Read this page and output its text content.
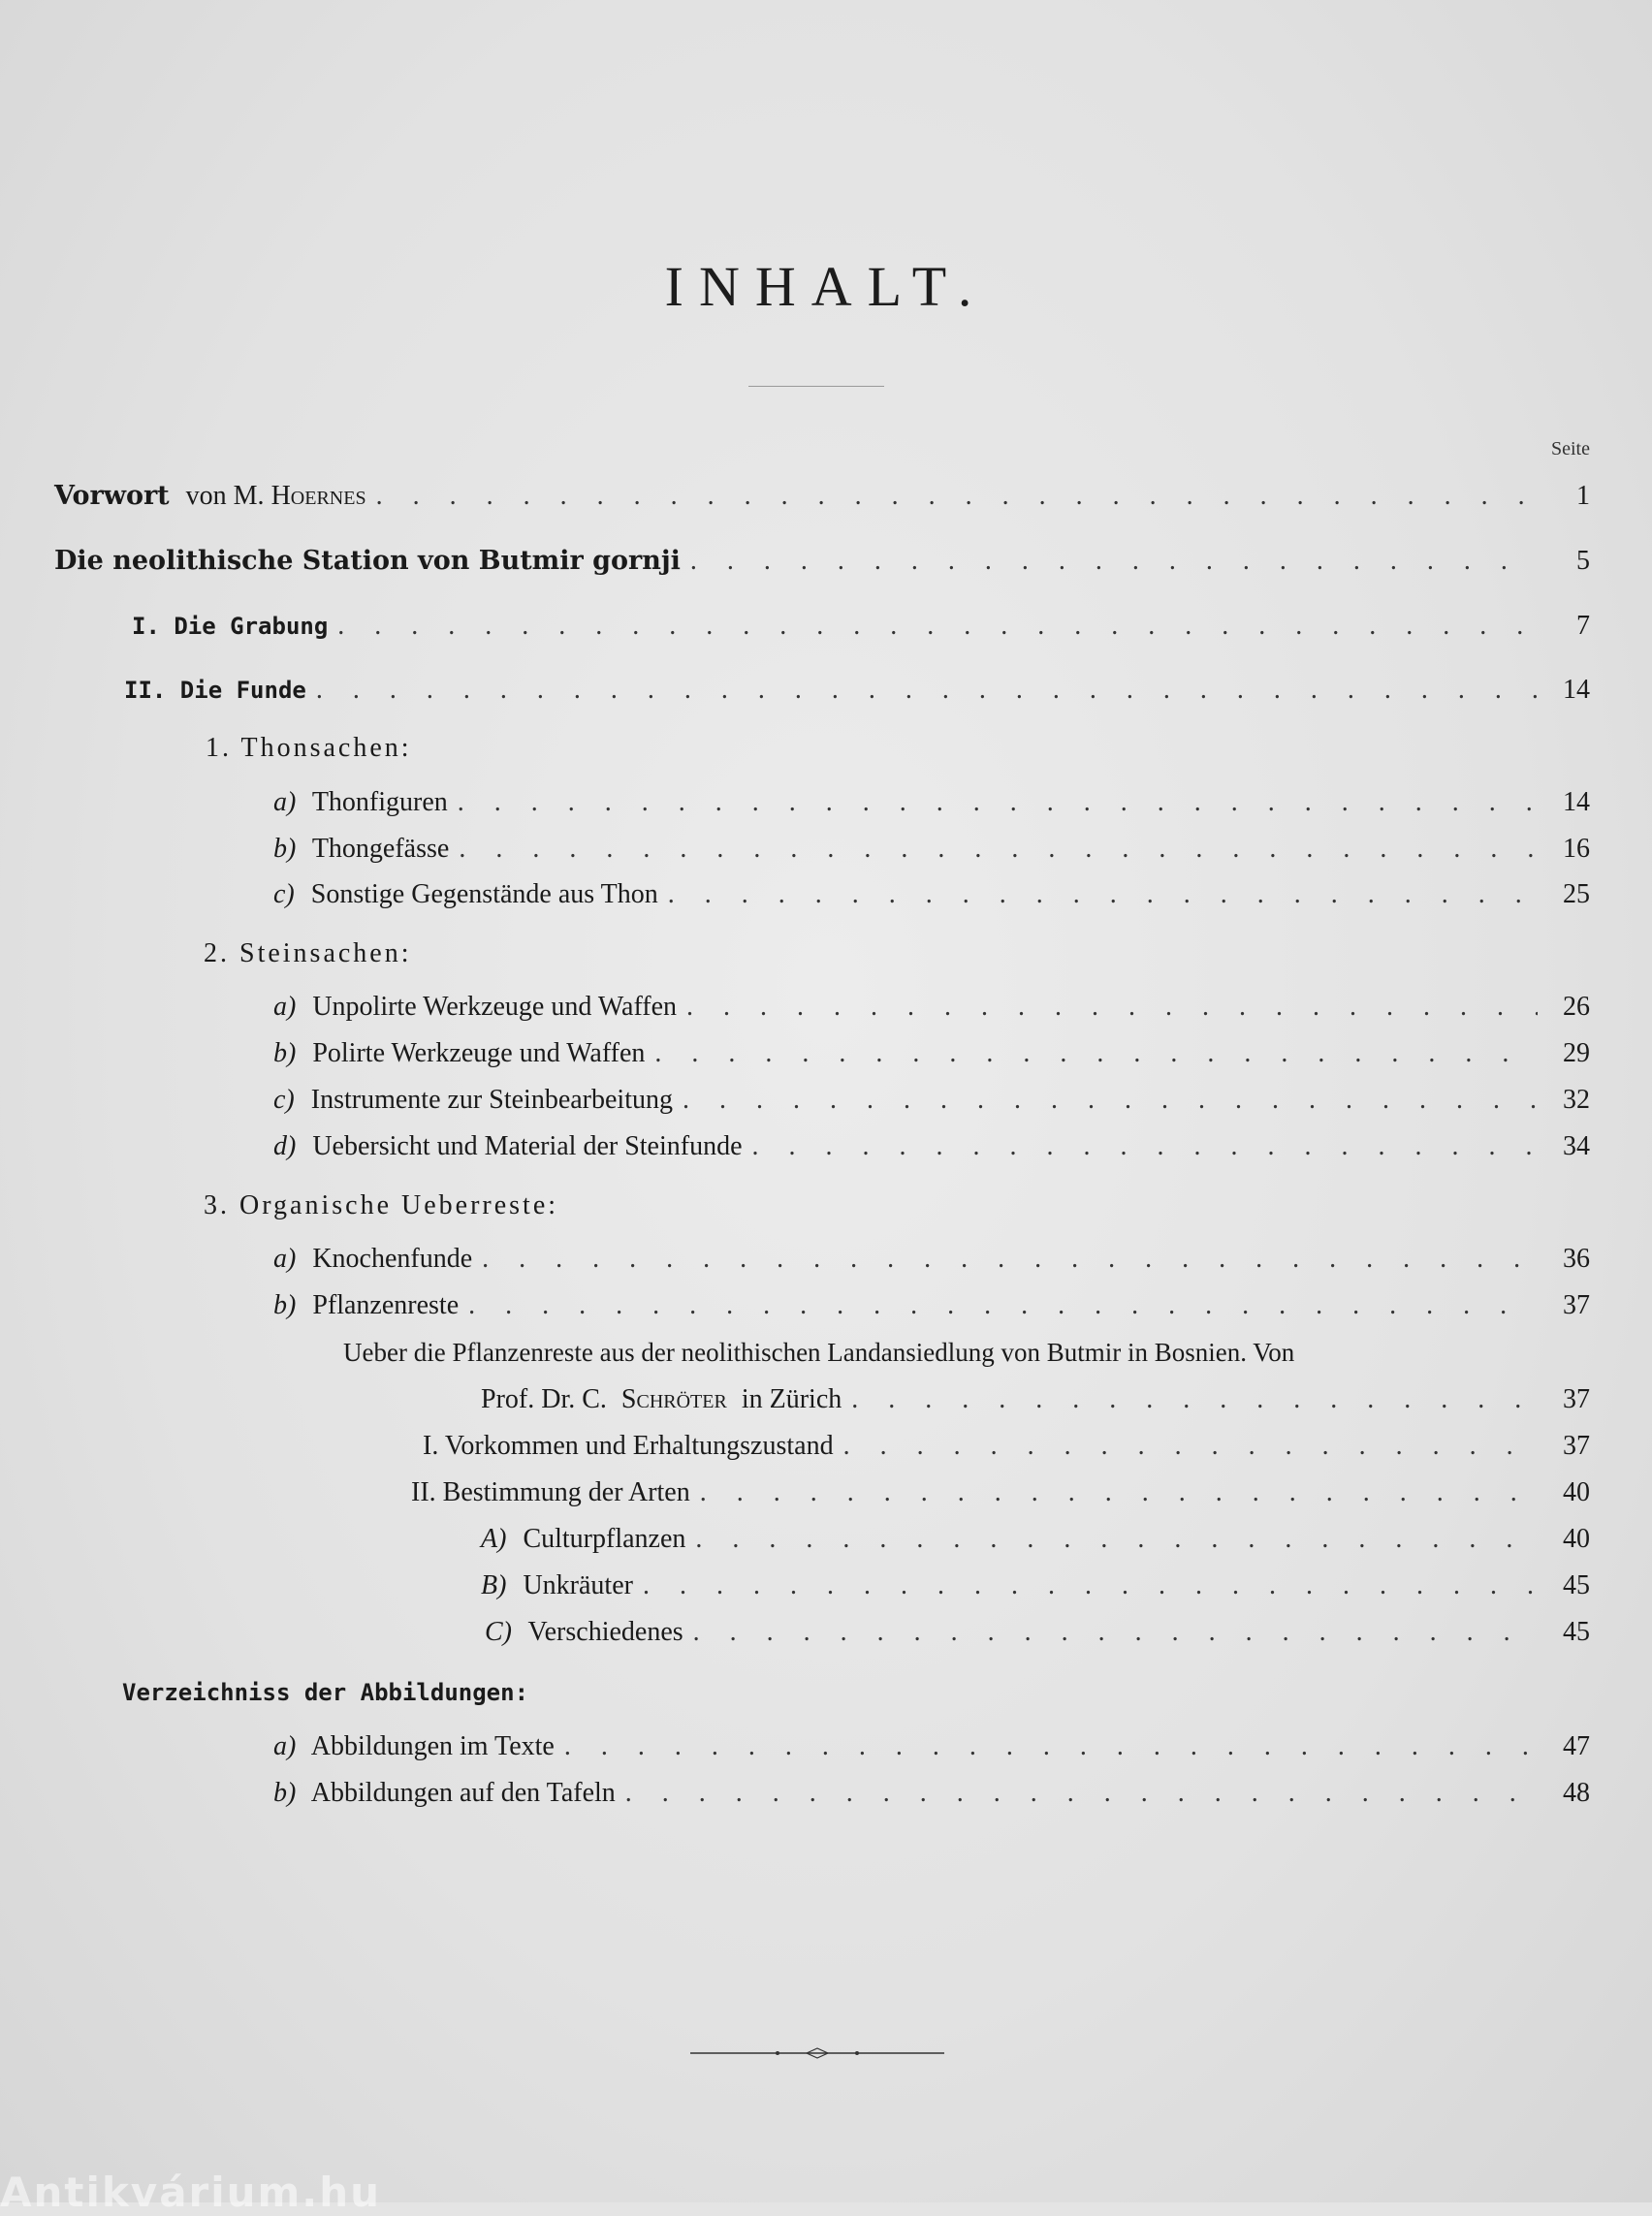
INHALT.
Seite
Vorwort von M. Hoernes . . .	1
Die neolithische Station von Butmir gornji . . .	5
I. Die Grabung . . .	7
II. Die Funde . . .	14
1. Thonsachen:
a) Thonfiguren . . .	14
b) Thongefässe . . .	16
c) Sonstige Gegenstände aus Thon . . .	25
2. Steinsachen:
a) Unpolirte Werkzeuge und Waffen . . .	26
b) Polirte Werkzeuge und Waffen . . .	29
c) Instrumente zur Steinbearbeitung . . .	32
d) Uebersicht und Material der Steinfunde . . .	34
3. Organische Ueberreste:
a) Knochenfunde . . .	36
b) Pflanzenreste . . .	37
Ueber die Pflanzenreste aus der neolithischen Landansiedlung von Butmir in Bosnien. Von
Prof. Dr. C. Schröter in Zürich . . .	37
I. Vorkommen und Erhaltungszustand . . .	37
II. Bestimmung der Arten . . .	40
A) Culturpflanzen . . .	40
B) Unkräuter . . .	45
C) Verschiedenes . . .	45
Verzeichniss der Abbildungen:
a) Abbildungen im Texte . . .	47
b) Abbildungen auf den Tafeln . . .	48
Antikvárium.hu
